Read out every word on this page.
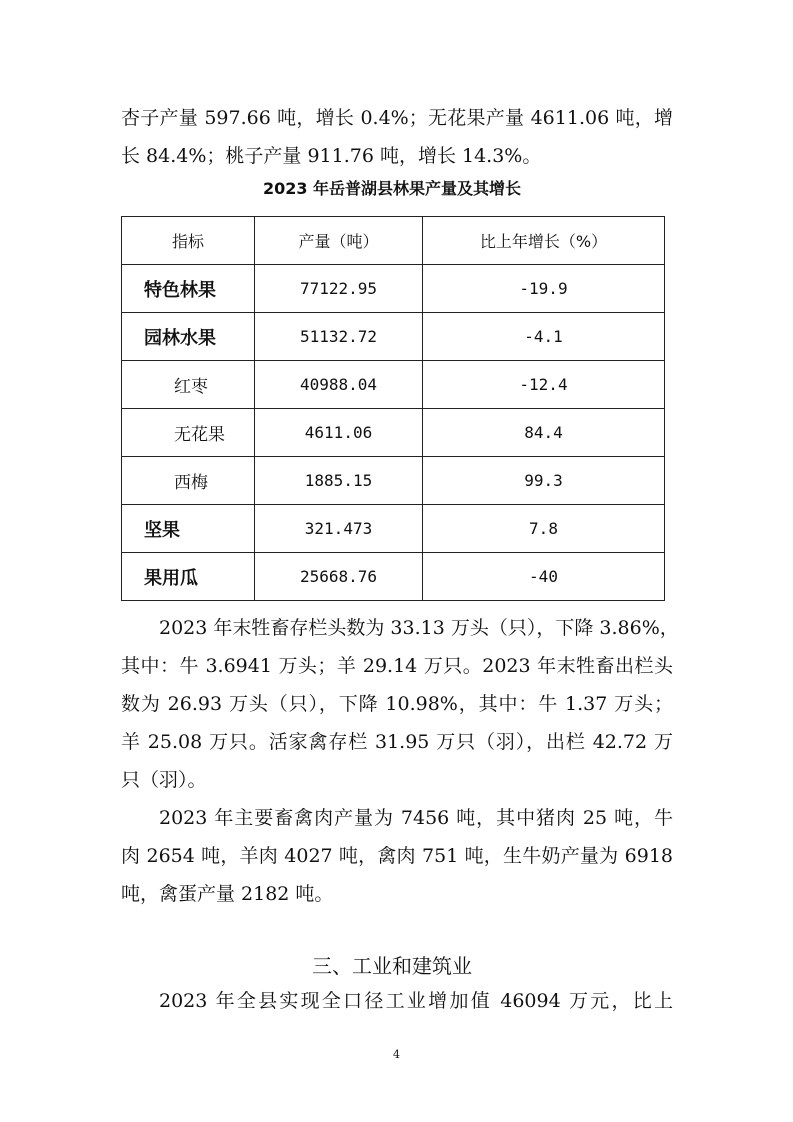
杏子产量 597.66 吨，增长 0.4%；无花果产量 4611.06 吨，增
长 84.4%；桃子产量 911.76 吨，增长 14.3%。
2023 年岳普湖县林果产量及其增长
指标	产量（吨）	比上年增长（%）
特色林果	77122.95	-19.9
园林水果	51132.72	-4.1
红枣	40988.04	-12.4
无花果	4611.06	84.4
西梅	1885.15	99.3
坚果	321.473	7.8
果用瓜	25668.76	-40
2023 年末牲畜存栏头数为 33.13 万头（只），下降 3.86%，
其中：牛 3.6941 万头；羊 29.14 万只。2023 年末牲畜出栏头
数为 26.93 万头（只），下降 10.98%，其中：牛 1.37 万头；
羊 25.08 万只。活家禽存栏 31.95 万只（羽），出栏 42.72 万
只（羽）。
2023 年主要畜禽肉产量为 7456 吨，其中猪肉 25 吨，牛
肉 2654 吨，羊肉 4027 吨，禽肉 751 吨，生牛奶产量为 6918
吨，禽蛋产量 2182 吨。
三、工业和建筑业
2023 年全县实现全口径工业增加值 46094 万元，比上
4
